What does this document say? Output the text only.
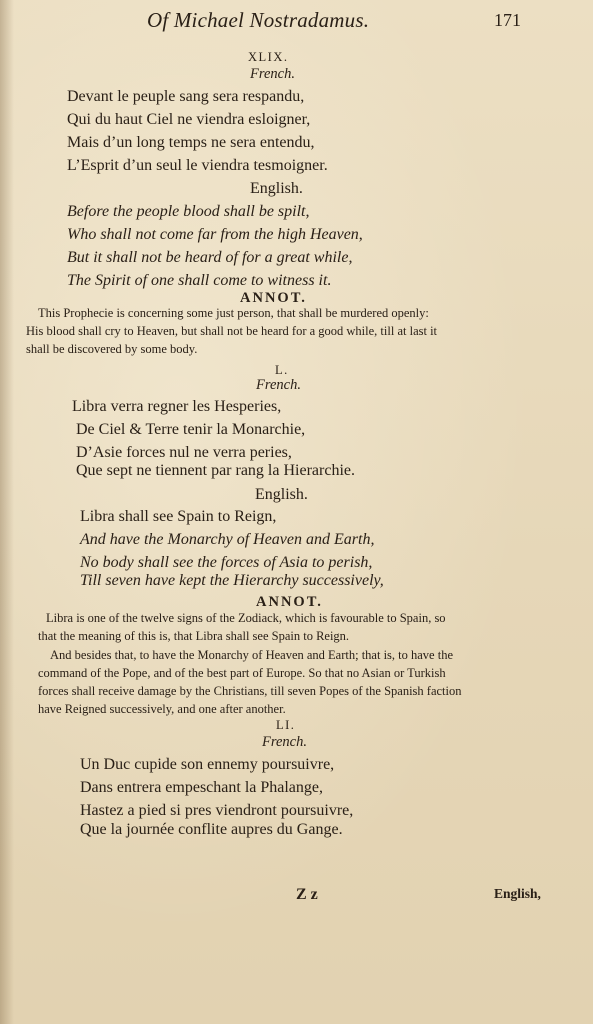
Of Michael Nostradamus.	171
XLIX.
French.
Devant le peuple sang sera respandu,
Qui du haut Ciel ne viendra esloigner,
Mais d’un long temps ne sera entendu,
L’Esprit d’un seul le viendra tesmoigner.
English.
Before the people blood shall be spilt,
Who shall not come far from the high Heaven,
But it shall not be heard of for a great while,
The Spirit of one shall come to witness it.
ANNOT.
This Prophecie is concerning some just person, that shall be murdered openly:
His blood shall cry to Heaven, but shall not be heard for a good while, till at last it
shall be discovered by some body.
L.
French.
Libra verra regner les Hesperies,
De Ciel & Terre tenir la Monarchie,
D’Asie forces nul ne verra peries,
Que sept ne tiennent par rang la Hierarchie.
English.
Libra shall see Spain to Reign,
And have the Monarchy of Heaven and Earth,
No body shall see the forces of Asia to perish,
Till seven have kept the Hierarchy successively,
ANNOT.
Libra is one of the twelve signs of the Zodiack, which is favourable to Spain, so
that the meaning of this is, that Libra shall see Spain to Reign.
And besides that, to have the Monarchy of Heaven and Earth; that is, to have the
command of the Pope, and of the best part of Europe. So that no Asian or Turkish
forces shall receive damage by the Christians, till seven Popes of the Spanish faction
have Reigned successively, and one after another.
LI.
French.
Un Duc cupide son ennemy poursuivre,
Dans entrera empeschant la Phalange,
Hastez a pied si pres viendront poursuivre,
Que la journée conflite aupres du Gange.
Z z	English,
